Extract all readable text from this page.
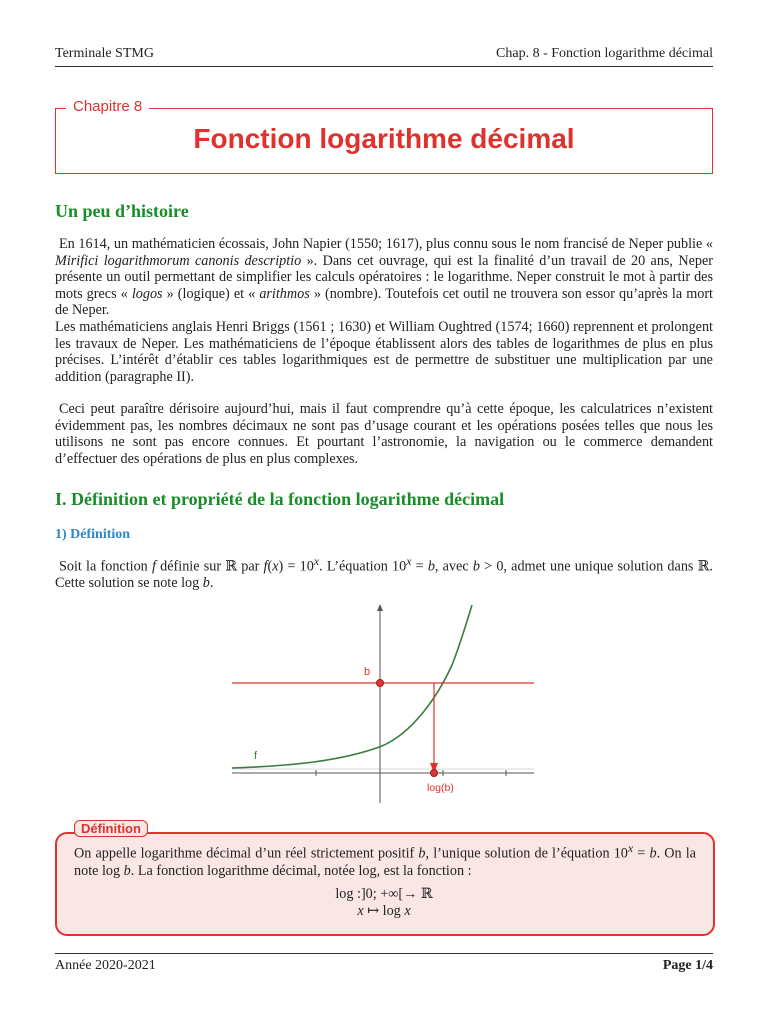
Terminale STMG	Chap. 8 - Fonction logarithme décimal
Chapitre 8
Fonction logarithme décimal
Un peu d’histoire
En 1614, un mathématicien écossais, John Napier (1550; 1617), plus connu sous le nom francisé de Neper publie « Mirifici logarithmorum canonis descriptio ». Dans cet ouvrage, qui est la finalité d’un travail de 20 ans, Neper présente un outil permettant de simplifier les calculs opératoires : le logarithme. Neper construit le mot à partir des mots grecs « logos » (logique) et « arithmos » (nombre). Toutefois cet outil ne trouvera son essor qu’après la mort de Neper.
Les mathématiciens anglais Henri Briggs (1561 ; 1630) et William Oughtred (1574; 1660) reprennent et prolongent les travaux de Neper. Les mathématiciens de l’époque établissent alors des tables de logarithmes de plus en plus précises. L’intérêt d’établir ces tables logarithmiques est de permettre de substituer une multiplication par une addition (paragraphe II).
Ceci peut paraître dérisoire aujourd’hui, mais il faut comprendre qu’à cette époque, les calculatrices n’existent évidemment pas, les nombres décimaux ne sont pas d’usage courant et les opérations posées telles que nous les utilisons ne sont pas encore connues. Et pourtant l’astronomie, la navigation ou le commerce demandent d’effectuer des opérations de plus en plus complexes.
I. Définition et propriété de la fonction logarithme décimal
1) Définition
Soit la fonction f définie sur ℝ par $f(x) = 10^x$. L’équation $10^x = b$, avec b > 0, admet une unique solution dans ℝ. Cette solution se note log b.
b
f
log(b)
Définition
On appelle logarithme décimal d’un réel strictement positif b, l’unique solution de l’équation $10^x = b$. On la note log b. La fonction logarithme décimal, notée log, est la fonction :
log :]0; +∞[→ ℝ
x ↦ log x
Année 2020-2021	Page 1/4
